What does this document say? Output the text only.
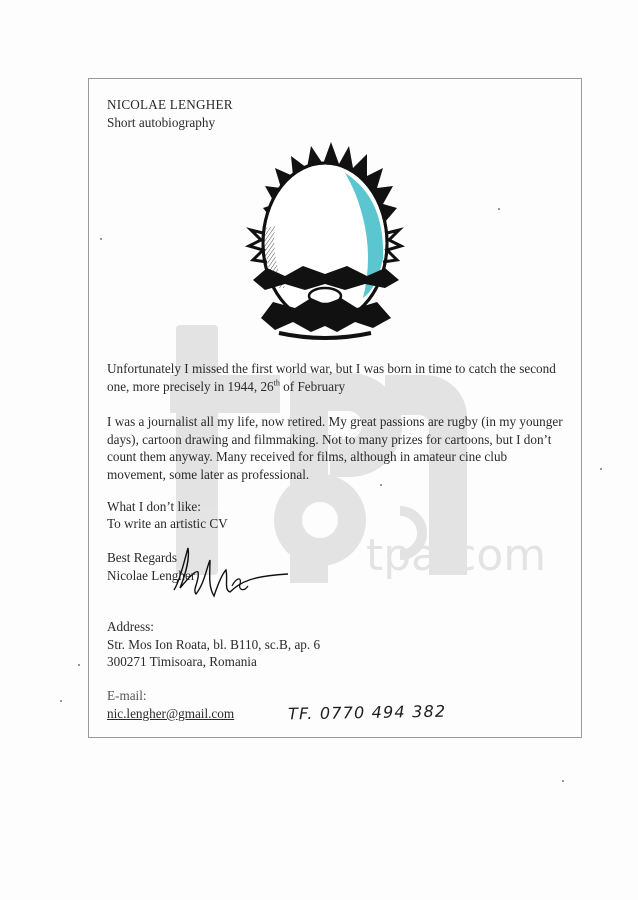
tpa.com
NICOLAE LENGHER
Short autobiography
Unfortunately I missed the first world war, but I was born in time to catch the second one, more precisely in 1944, 26th of February
I was a journalist all my life, now retired. My great passions are rugby (in my younger days), cartoon drawing and filmmaking. Not to many prizes for cartoons, but I don’t count them anyway. Many received for films, although in amateur cine club movement, some later as professional.
What I don’t like:
To write an artistic CV
Best Regards
Nicolae Lengher
Address:
Str. Mos Ion Roata, bl. B110, sc.B, ap. 6
300271 Timisoara, Romania
E-mail:
nic.lengher@gmail.com	TF. 0770 494 382
